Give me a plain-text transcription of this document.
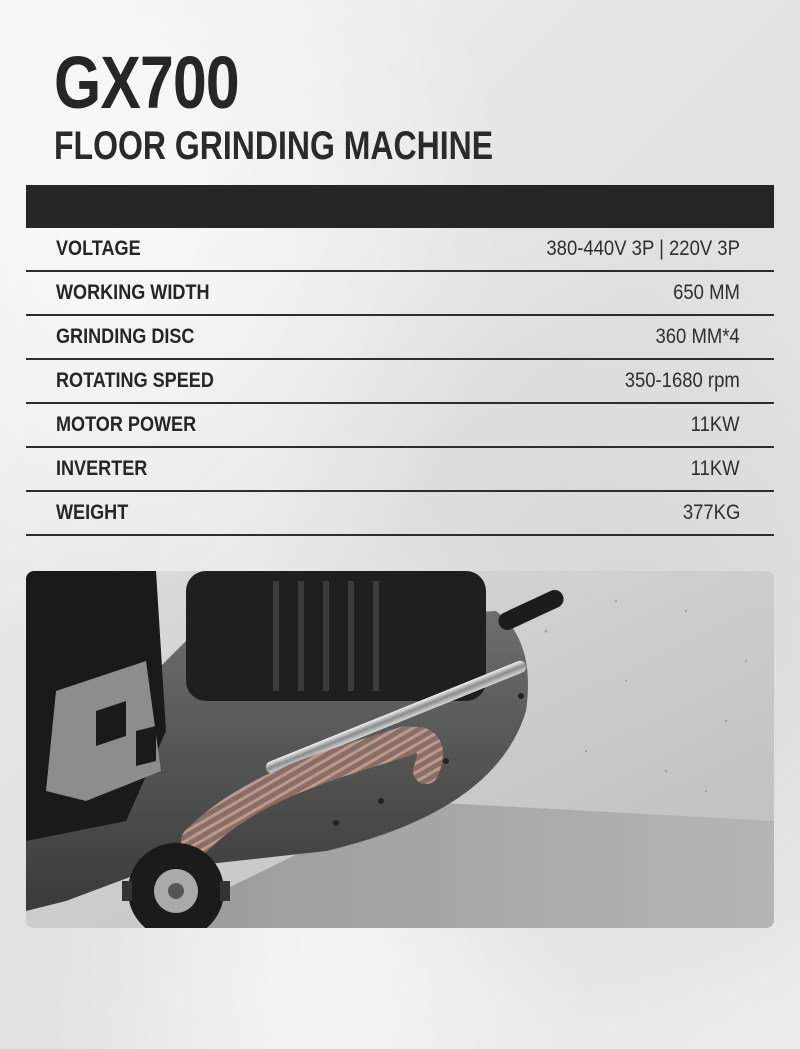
GX700
FLOOR GRINDING MACHINE
VOLTAGE	380-440V 3P | 220V 3P
WORKING WIDTH	650 MM
GRINDING DISC	360 MM*4
ROTATING SPEED	350-1680 rpm
MOTOR POWER	11KW
INVERTER	11KW
WEIGHT	377KG
